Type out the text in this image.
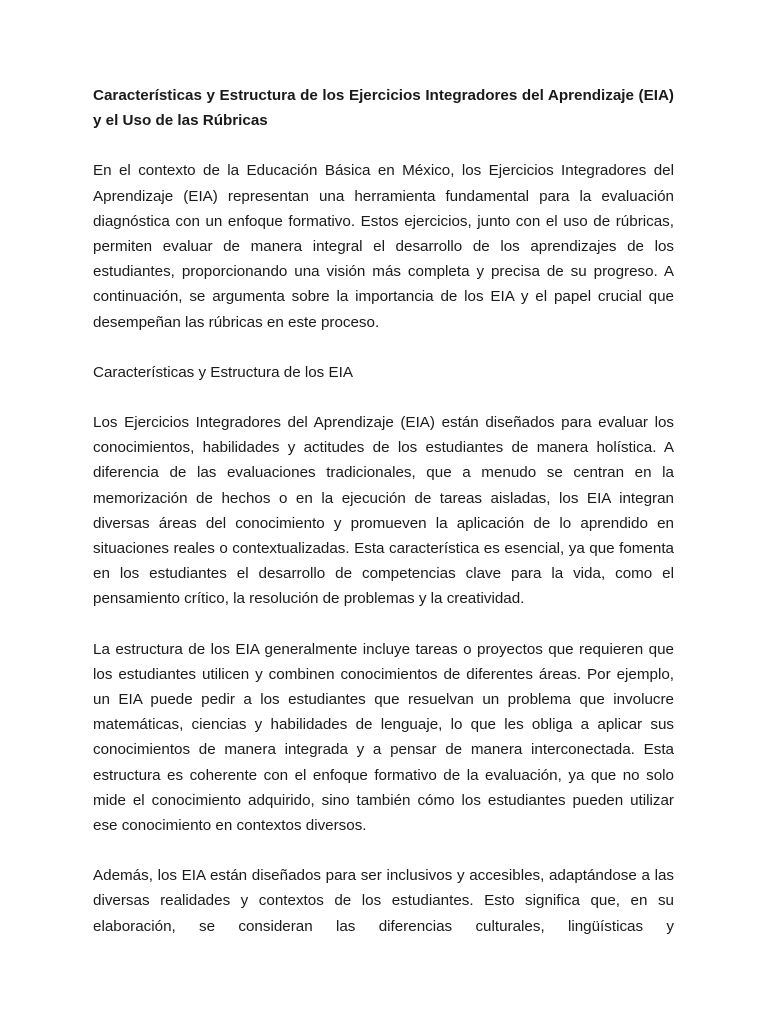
Características y Estructura de los Ejercicios Integradores del Aprendizaje (EIA) y el Uso de las Rúbricas

En el contexto de la Educación Básica en México, los Ejercicios Integradores del Aprendizaje (EIA) representan una herramienta fundamental para la evaluación diagnóstica con un enfoque formativo. Estos ejercicios, junto con el uso de rúbricas, permiten evaluar de manera integral el desarrollo de los aprendizajes de los estudiantes, proporcionando una visión más completa y precisa de su progreso. A continuación, se argumenta sobre la importancia de los EIA y el papel crucial que desempeñan las rúbricas en este proceso.

Características y Estructura de los EIA

Los Ejercicios Integradores del Aprendizaje (EIA) están diseñados para evaluar los conocimientos, habilidades y actitudes de los estudiantes de manera holística. A diferencia de las evaluaciones tradicionales, que a menudo se centran en la memorización de hechos o en la ejecución de tareas aisladas, los EIA integran diversas áreas del conocimiento y promueven la aplicación de lo aprendido en situaciones reales o contextualizadas. Esta característica es esencial, ya que fomenta en los estudiantes el desarrollo de competencias clave para la vida, como el pensamiento crítico, la resolución de problemas y la creatividad.

La estructura de los EIA generalmente incluye tareas o proyectos que requieren que los estudiantes utilicen y combinen conocimientos de diferentes áreas. Por ejemplo, un EIA puede pedir a los estudiantes que resuelvan un problema que involucre matemáticas, ciencias y habilidades de lenguaje, lo que les obliga a aplicar sus conocimientos de manera integrada y a pensar de manera interconectada. Esta estructura es coherente con el enfoque formativo de la evaluación, ya que no solo mide el conocimiento adquirido, sino también cómo los estudiantes pueden utilizar ese conocimiento en contextos diversos.

Además, los EIA están diseñados para ser inclusivos y accesibles, adaptándose a las diversas realidades y contextos de los estudiantes. Esto significa que, en su elaboración, se consideran las diferencias culturales, lingüísticas y
